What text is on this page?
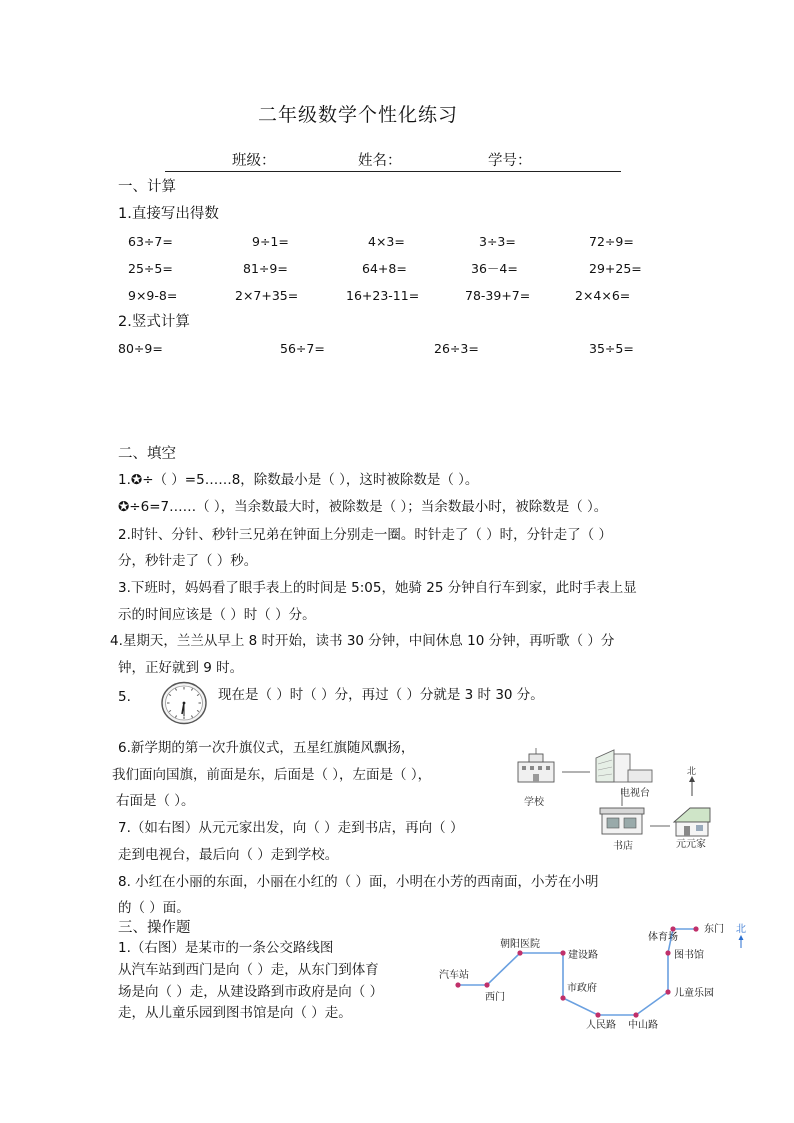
二年级数学个性化练习
班级：	姓名：	学号：
一、计算
1.直接写出得数
63÷7=	9÷1=	4×3=	3÷3=	72÷9=
25÷5=	81÷9=	64+8=	36－4=	29+25=
9×9-8=	2×7+35=	16+23-11=	78-39+7=	2×4×6=
2.竖式计算
80÷9=	56÷7=	26÷3=	35÷5=
二、填空
1.✪÷（ ）=5……8，除数最小是（ ），这时被除数是（ ）。
✪÷6=7……（ ），当余数最大时，被除数是（ ）；当余数最小时，被除数是（ ）。
2.时针、分针、秒针三兄弟在钟面上分别走一圈。时针走了（ ）时，分针走了（ ）
分，秒针走了（ ）秒。
3.下班时，妈妈看了眼手表上的时间是 5:05，她骑 25 分钟自行车到家，此时手表上显
示的时间应该是（ ）时（ ）分。
4.星期天，兰兰从早上 8 时开始，读书 30 分钟，中间休息 10 分钟，再听歌（ ）分
钟，正好就到 9 时。
5.	现在是（ ）时（ ）分，再过（ ）分就是 3 时 30 分。
6.新学期的第一次升旗仪式，五星红旗随风飘扬，
我们面向国旗，前面是东，后面是（ ），左面是（ ），
右面是（ ）。
7.（如右图）从元元家出发，向（ ）走到书店，再向（ ）
走到电视台，最后向（ ）走到学校。
8. 小红在小丽的东面，小丽在小红的（ ）面，小明在小芳的西南面，小芳在小明
的（ ）面。
学校
电视台
书店	元元家
北
三、操作题
1.（右图）是某市的一条公交路线图
从汽车站到西门是向（ ）走，从东门到体育
场是向（ ）走，从建设路到市政府是向（ ）
走，从儿童乐园到图书馆是向（ ）走。
汽车站
西门
朝阳医院
建设路
市政府
人民路 中山路
儿童乐园
图书馆
体育场
东门 北
